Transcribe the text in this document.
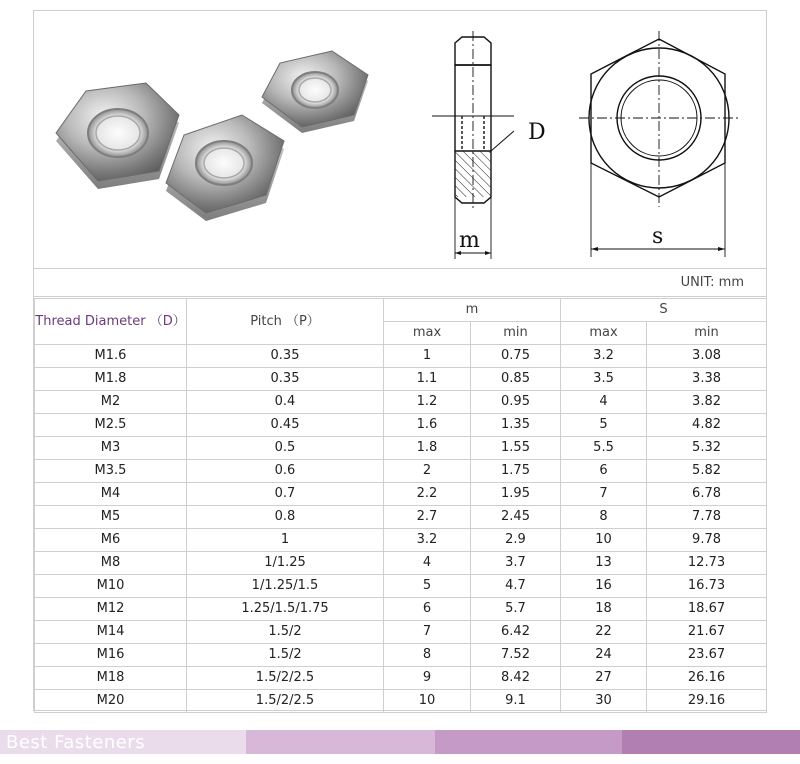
D
m	s
UNIT: mm
Thread Diameter （D）	Pitch （P）	m		S	
		max	min	max	min
M1.6	0.35	1	0.75	3.2	3.08
M1.8	0.35	1.1	0.85	3.5	3.38
M2	0.4	1.2	0.95	4	3.82
M2.5	0.45	1.6	1.35	5	4.82
M3	0.5	1.8	1.55	5.5	5.32
M3.5	0.6	2	1.75	6	5.82
M4	0.7	2.2	1.95	7	6.78
M5	0.8	2.7	2.45	8	7.78
M6	1	3.2	2.9	10	9.78
M8	1/1.25	4	3.7	13	12.73
M10	1/1.25/1.5	5	4.7	16	16.73
M12	1.25/1.5/1.75	6	5.7	18	18.67
M14	1.5/2	7	6.42	22	21.67
M16	1.5/2	8	7.52	24	23.67
M18	1.5/2/2.5	9	8.42	27	26.16
M20	1.5/2/2.5	10	9.1	30	29.16
Best Fasteners
